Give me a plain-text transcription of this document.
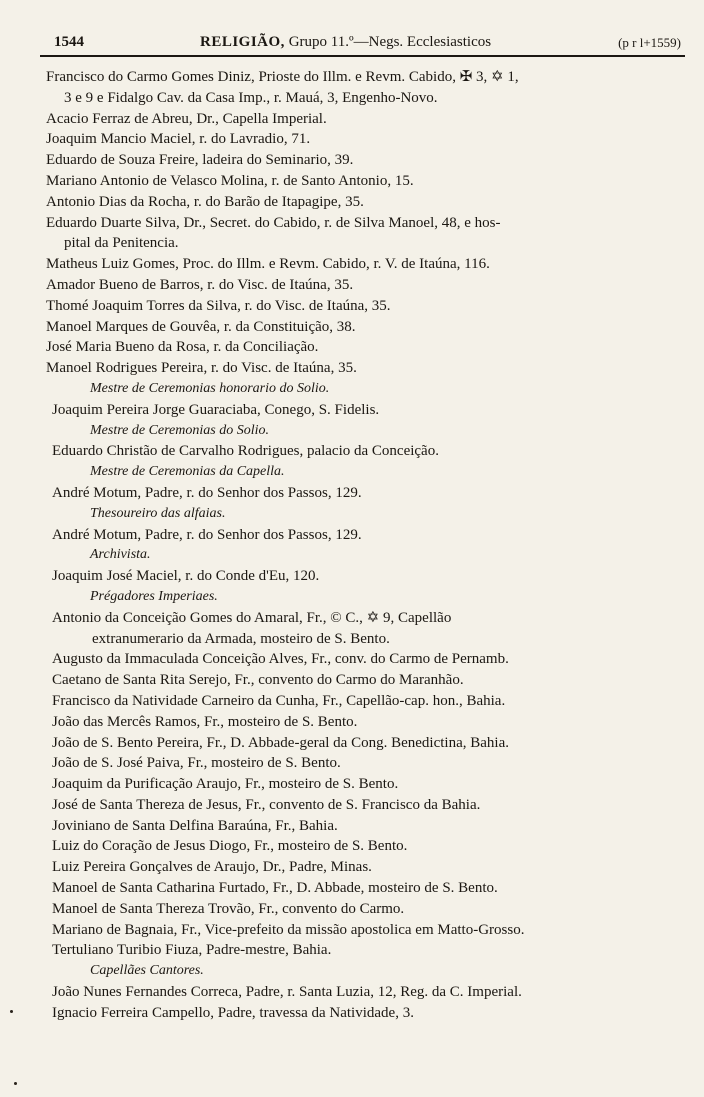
1544	RELIGIÃO, Grupo 11.º—Negs. Ecclesiasticos	(p r l+1559)
Francisco do Carmo Gomes Diniz, Prioste do Illm. e Revm. Cabido, ✠ 3, ✡ 1,
3 e 9 e Fidalgo Cav. da Casa Imp., r. Mauá, 3, Engenho-Novo.
Acacio Ferraz de Abreu, Dr., Capella Imperial.
Joaquim Mancio Maciel, r. do Lavradio, 71.
Eduardo de Souza Freire, ladeira do Seminario, 39.
Mariano Antonio de Velasco Molina, r. de Santo Antonio, 15.
Antonio Dias da Rocha, r. do Barão de Itapagipe, 35.
Eduardo Duarte Silva, Dr., Secret. do Cabido, r. de Silva Manoel, 48, e hos-
pital da Penitencia.
Matheus Luiz Gomes, Proc. do Illm. e Revm. Cabido, r. V. de Itaúna, 116.
Amador Bueno de Barros, r. do Visc. de Itaúna, 35.
Thomé Joaquim Torres da Silva, r. do Visc. de Itaúna, 35.
Manoel Marques de Gouvêa, r. da Constituição, 38.
José Maria Bueno da Rosa, r. da Conciliação.
Manoel Rodrigues Pereira, r. do Visc. de Itaúna, 35.
Mestre de Ceremonias honorario do Solio.
Joaquim Pereira Jorge Guaraciaba, Conego, S. Fidelis.
Mestre de Ceremonias do Solio.
Eduardo Christão de Carvalho Rodrigues, palacio da Conceição.
Mestre de Ceremonias da Capella.
André Motum, Padre, r. do Senhor dos Passos, 129.
Thesoureiro das alfaias.
André Motum, Padre, r. do Senhor dos Passos, 129.
Archivista.
Joaquim José Maciel, r. do Conde d'Eu, 120.
Prégadores Imperiaes.
Antonio da Conceição Gomes do Amaral, Fr., © C., ✡ 9, Capellão
extranumerario da Armada, mosteiro de S. Bento.
Augusto da Immaculada Conceição Alves, Fr., conv. do Carmo de Pernamb.
Caetano de Santa Rita Serejo, Fr., convento do Carmo do Maranhão.
Francisco da Natividade Carneiro da Cunha, Fr., Capellão-cap. hon., Bahia.
João das Mercês Ramos, Fr., mosteiro de S. Bento.
João de S. Bento Pereira, Fr., D. Abbade-geral da Cong. Benedictina, Bahia.
João de S. José Paiva, Fr., mosteiro de S. Bento.
Joaquim da Purificação Araujo, Fr., mosteiro de S. Bento.
José de Santa Thereza de Jesus, Fr., convento de S. Francisco da Bahia.
Joviniano de Santa Delfina Baraúna, Fr., Bahia.
Luiz do Coração de Jesus Diogo, Fr., mosteiro de S. Bento.
Luiz Pereira Gonçalves de Araujo, Dr., Padre, Minas.
Manoel de Santa Catharina Furtado, Fr., D. Abbade, mosteiro de S. Bento.
Manoel de Santa Thereza Trovão, Fr., convento do Carmo.
Mariano de Bagnaia, Fr., Vice-prefeito da missão apostolica em Matto-Grosso.
Tertuliano Turibio Fiuza, Padre-mestre, Bahia.
Capellães Cantores.
João Nunes Fernandes Correca, Padre, r. Santa Luzia, 12, Reg. da C. Imperial.
Ignacio Ferreira Campello, Padre, travessa da Natividade, 3.
